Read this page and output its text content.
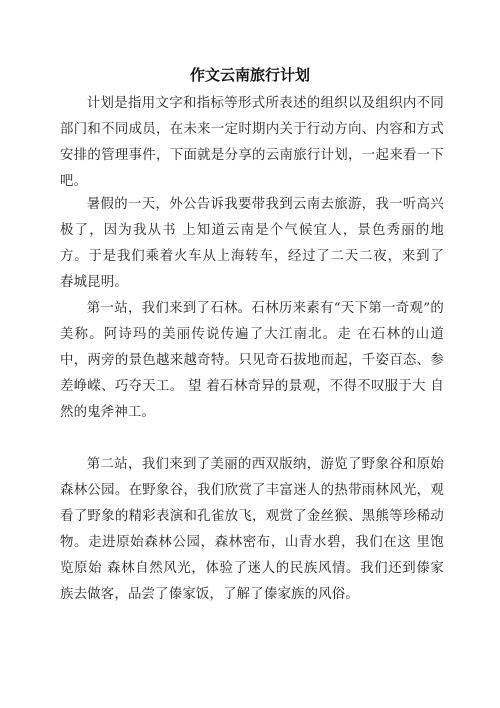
作文云南旅行计划

计划是指用文字和指标等形式所表述的组织以及组织内不同部门和不同成员，在未来一定时期内关于行动方向、内容和方式安排的管理事件，下面就是分享的云南旅行计划，一起来看一下吧。

暑假的一天，外公告诉我要带我到云南去旅游，我一听高兴极了，因为我从书 上知道云南是个气候宜人，景色秀丽的地方。于是我们乘着火车从上海转车，经过了二天二夜，来到了 春城昆明。

第一站，我们来到了石林。石林历来素有“天下第一奇观”的美称。阿诗玛的美丽传说传遍了大江南北。走 在石林的山道中，两旁的景色越来越奇特。只见奇石拔地而起，千姿百态、参差峥嵘、巧夺天工。 望 着石林奇异的景观，不得不叹服于大 自然的鬼斧神工。

第二站，我们来到了美丽的西双版纳，游览了野象谷和原始森林公园。在野象谷，我们欣赏了丰富迷人的热带雨林风光，观看了野象的精彩表演和孔雀放飞，观赏了金丝猴、黑熊等珍稀动物。走进原始森林公园，森林密布，山青水碧，我们在这 里饱览原始 森林自然风光，体验了迷人的民族风情。我们还到傣家族去做客，品尝了傣家饭，了解了傣家族的风俗。
